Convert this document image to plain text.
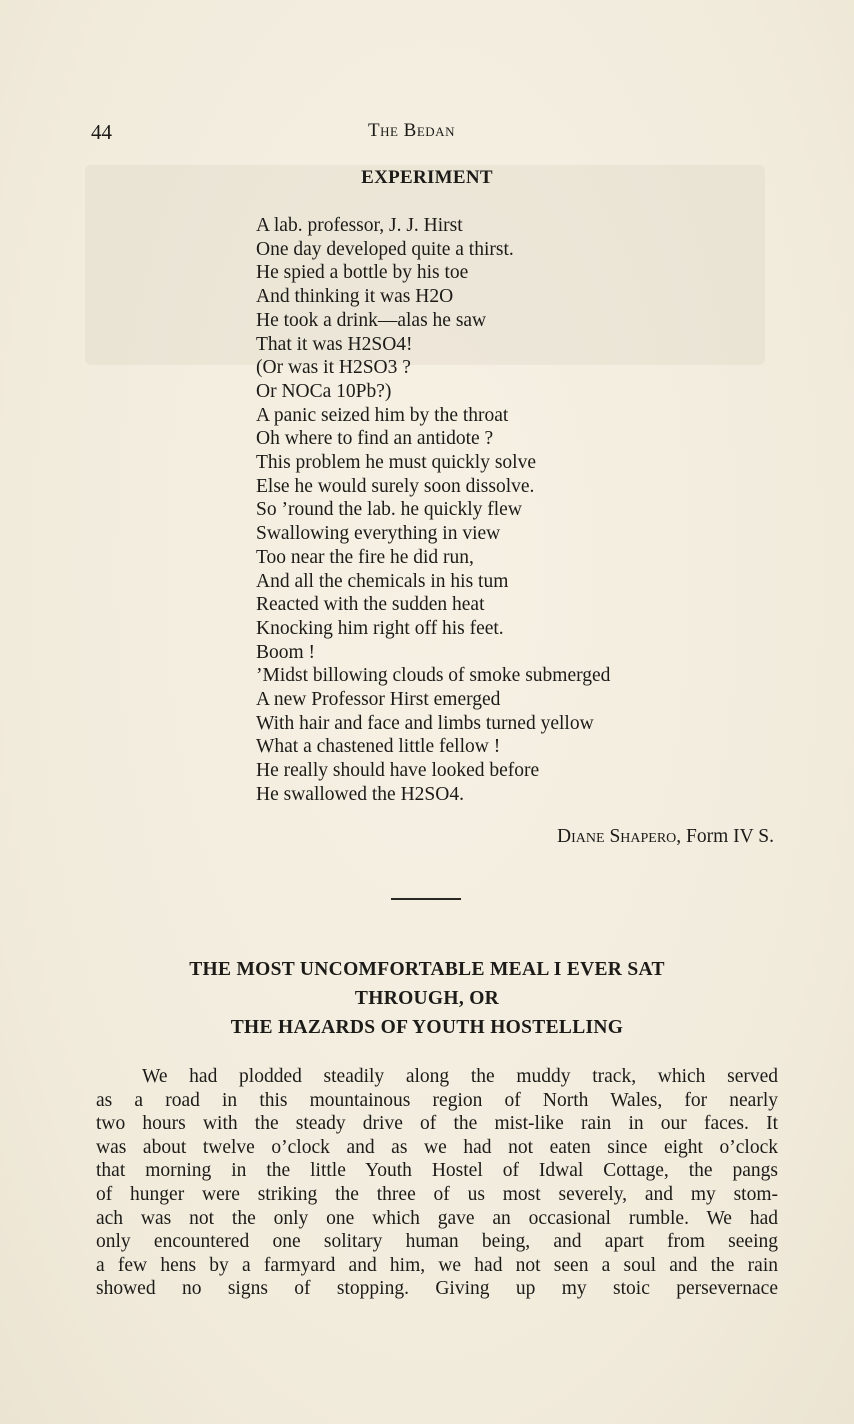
44	The Bedan
EXPERIMENT
A lab. professor, J. J. Hirst
One day developed quite a thirst.
He spied a bottle by his toe
And thinking it was H2O
He took a drink—alas he saw
That it was H2SO4!
(Or was it H2SO3 ?
Or NOCa 10Pb?)
A panic seized him by the throat
Oh where to find an antidote ?
This problem he must quickly solve
Else he would surely soon dissolve.
So ’round the lab. he quickly flew
Swallowing everything in view
Too near the fire he did run,
And all the chemicals in his tum
Reacted with the sudden heat
Knocking him right off his feet.
Boom !
’Midst billowing clouds of smoke submerged
A new Professor Hirst emerged
With hair and face and limbs turned yellow
What a chastened little fellow !
He really should have looked before
He swallowed the H2SO4.
Diane Shapero, Form IV S.
THE MOST UNCOMFORTABLE MEAL I EVER SAT
THROUGH, OR
THE HAZARDS OF YOUTH HOSTELLING
We had plodded steadily along the muddy track, which served
as a road in this mountainous region of North Wales, for nearly
two hours with the steady drive of the mist-like rain in our faces. It
was about twelve o’clock and as we had not eaten since eight o’clock
that morning in the little Youth Hostel of Idwal Cottage, the pangs
of hunger were striking the three of us most severely, and my stom-
ach was not the only one which gave an occasional rumble. We had
only encountered one solitary human being, and apart from seeing
a few hens by a farmyard and him, we had not seen a soul and the rain
showed no signs of stopping. Giving up my stoic persevernace
